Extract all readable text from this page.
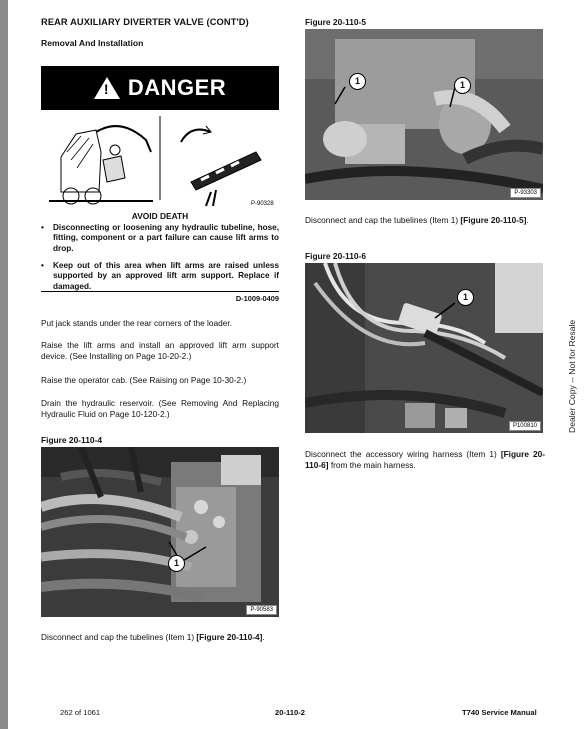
REAR AUXILIARY DIVERTER VALVE (CONT'D)
Removal And Installation
! DANGER
P-90328
AVOID DEATH
• Disconnecting or loosening any hydraulic tubeline, hose, fitting, component or a part failure can cause lift arms to drop.
• Keep out of this area when lift arms are raised unless supported by an approved lift arm support. Replace if damaged.
D-1009-0409
Put jack stands under the rear corners of the loader.
Raise the lift arms and install an approved lift arm support device. (See Installing on Page 10-20-2.)
Raise the operator cab. (See Raising on Page 10-30-2.)
Drain the hydraulic reservoir. (See Removing And Replacing Hydraulic Fluid on Page 10-120-2.)
Figure 20-110-4
1
P-90583
Disconnect and cap the tubelines (Item 1) [Figure 20-110-4].
Figure 20-110-5
1	1
P-93303
Disconnect and cap the tubelines (Item 1) [Figure 20-110-5].
Figure 20-110-6
1
P100810
Disconnect the accessory wiring harness (Item 1) [Figure 20-110-6] from the main harness.
Dealer Copy -- Not for Resale
262 of 1061	20-110-2	T740 Service Manual
